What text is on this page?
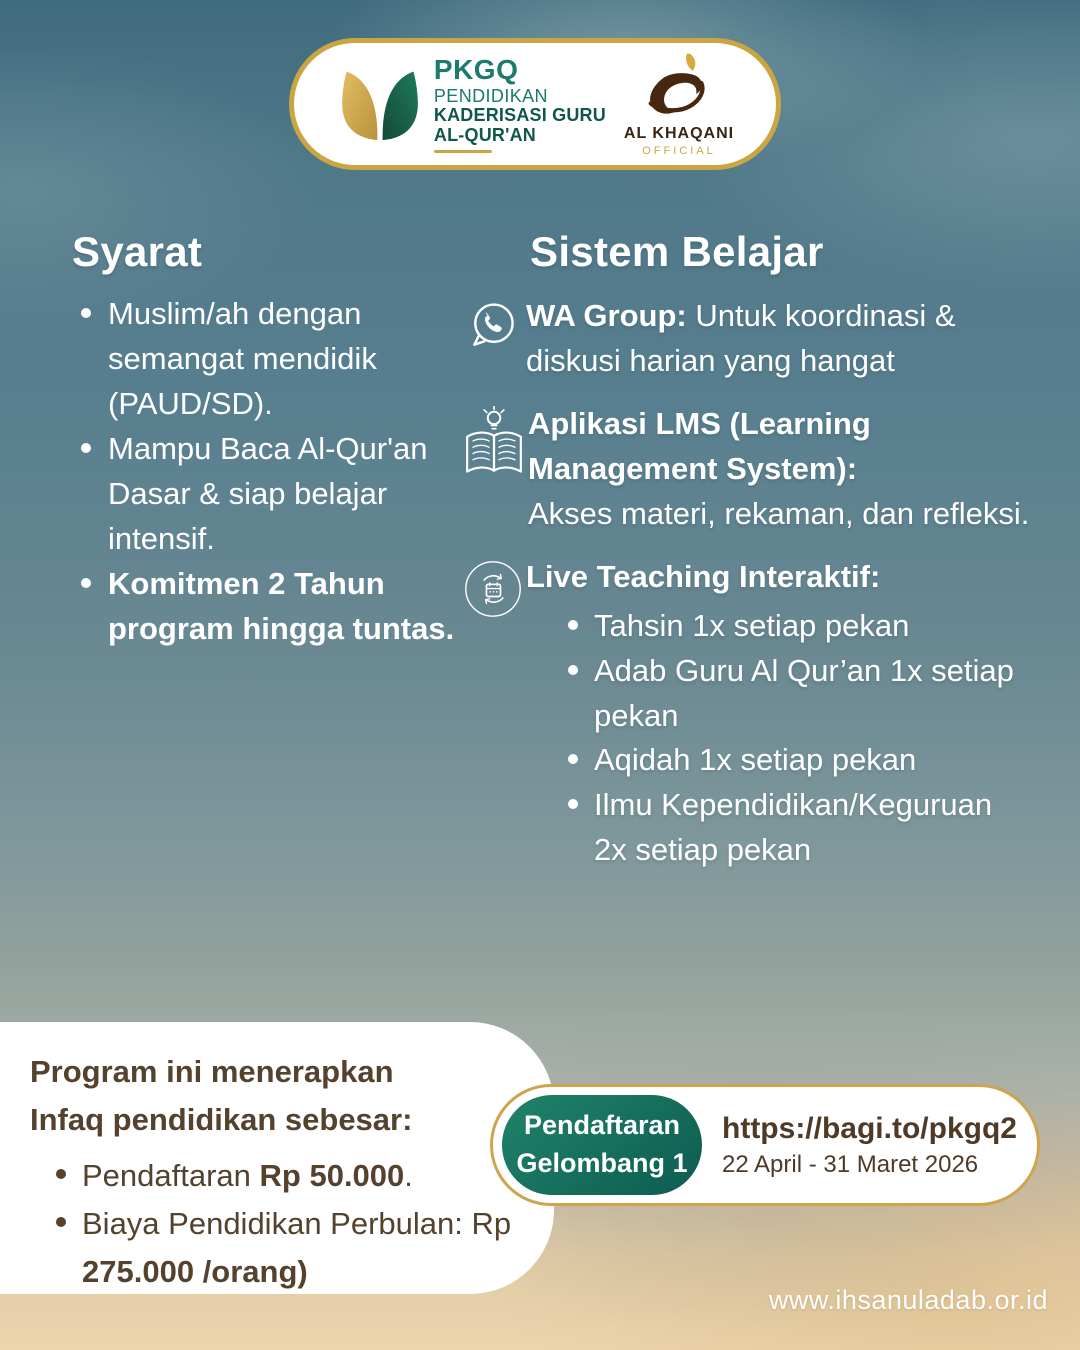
PKGQ
PENDIDIKAN
KADERISASI GURU
AL-QUR'AN	AL KHAQANI
OFFICIAL
Syarat
Muslim/ah dengan semangat mendidik (PAUD/SD).
Mampu Baca Al-Qur'an Dasar & siap belajar intensif.
Komitmen 2 Tahun program hingga tuntas.
Sistem Belajar

WA Group: Untuk koordinasi & diskusi harian yang hangat

Aplikasi LMS (Learning Management System):
Akses materi, rekaman, dan refleksi.

Live Teaching Interaktif:
Tahsin 1x setiap pekan
Adab Guru Al Qur’an 1x setiap pekan
Aqidah 1x setiap pekan
Ilmu Kependidikan/Keguruan 2x setiap pekan
Program ini menerapkan
Infaq pendidikan sebesar:
Pendaftaran Rp 50.000.
Biaya Pendidikan Perbulan: Rp 275.000 /orang)
Pendaftaran
Gelombang 1
https://bagi.to/pkgq2
22 April - 31 Maret 2026
www.ihsanuladab.or.id
